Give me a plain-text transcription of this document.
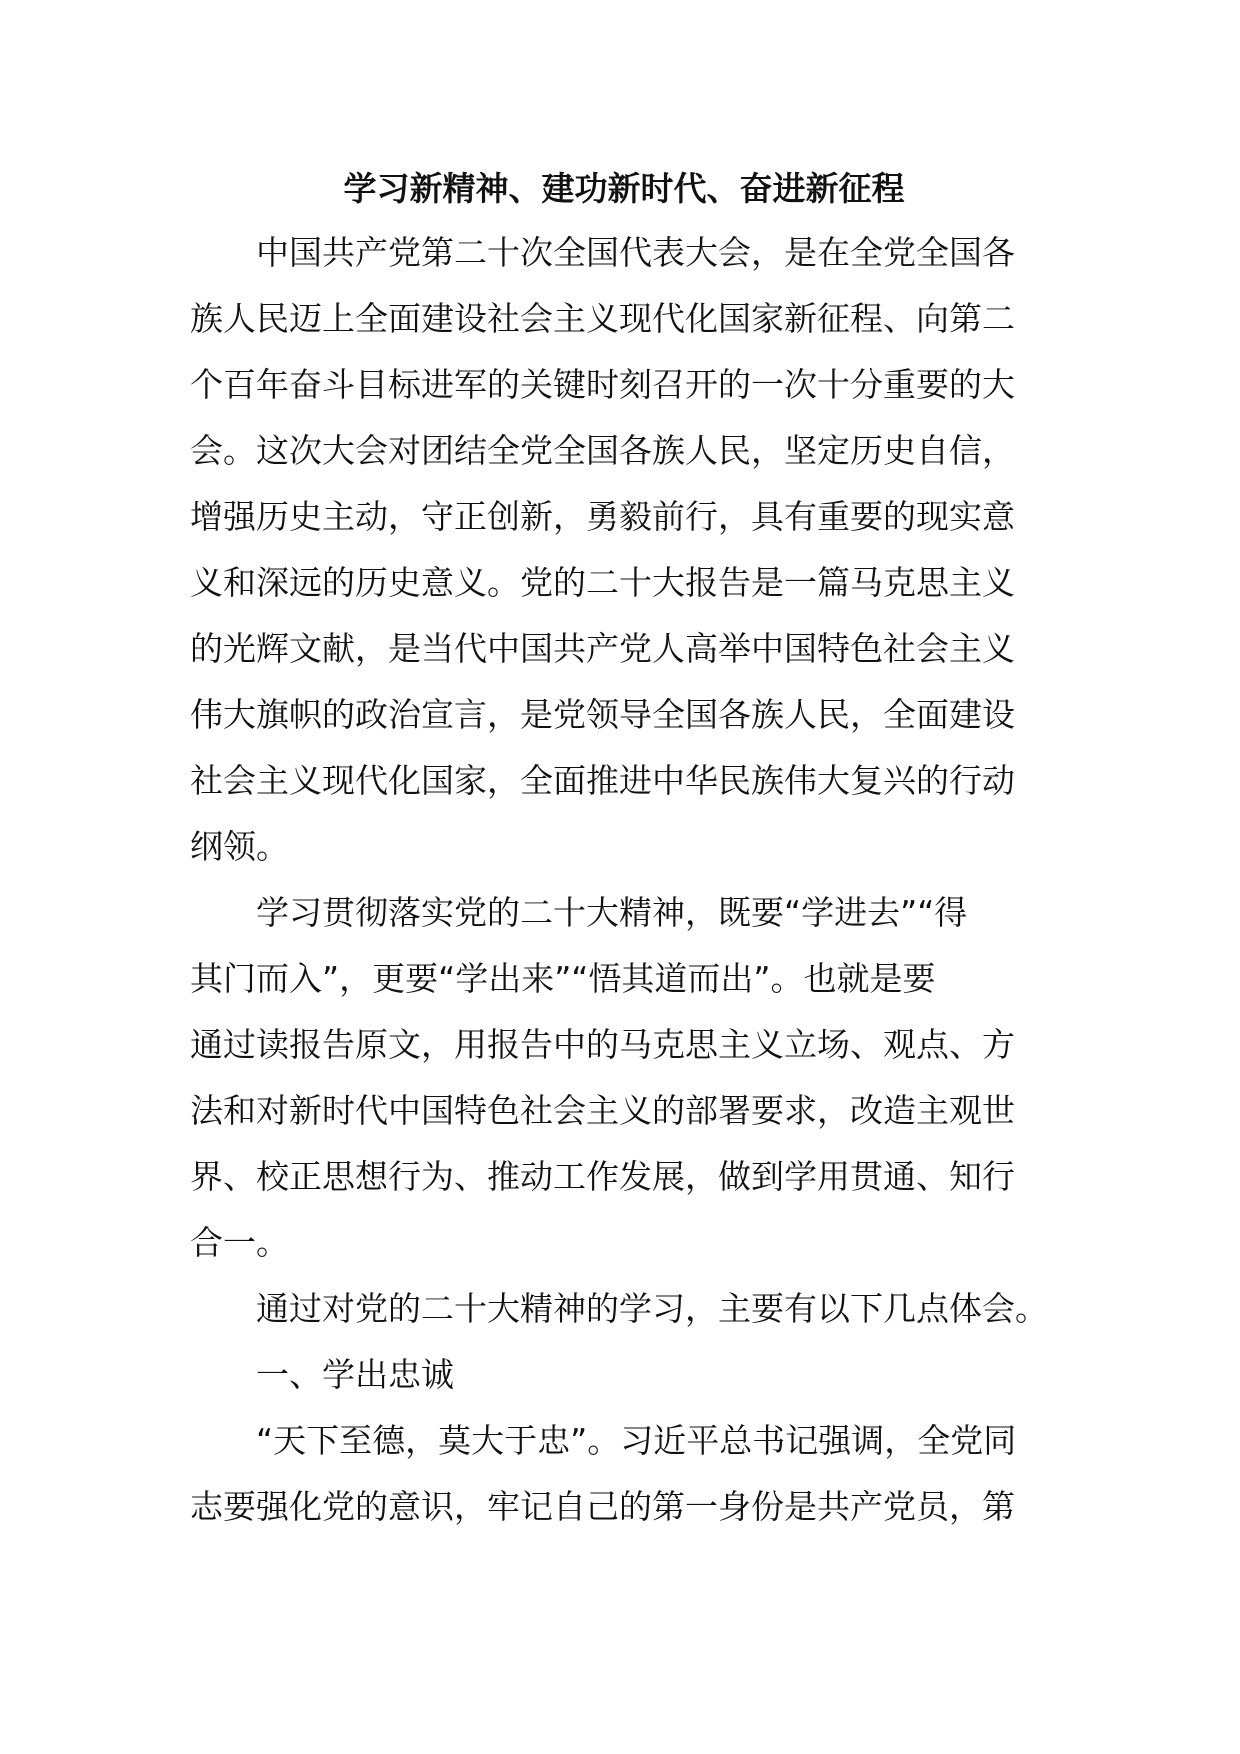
学习新精神、建功新时代、奋进新征程

中国共产党第二十次全国代表大会，是在全党全国各
族人民迈上全面建设社会主义现代化国家新征程、向第二
个百年奋斗目标进军的关键时刻召开的一次十分重要的大
会。这次大会对团结全党全国各族人民，坚定历史自信，
增强历史主动，守正创新，勇毅前行，具有重要的现实意
义和深远的历史意义。党的二十大报告是一篇马克思主义
的光辉文献，是当代中国共产党人高举中国特色社会主义
伟大旗帜的政治宣言，是党领导全国各族人民，全面建设
社会主义现代化国家，全面推进中华民族伟大复兴的行动
纲领。

学习贯彻落实党的二十大精神，既要“学进去”“得
其门而入”，更要“学出来”“悟其道而出”。也就是要
通过读报告原文，用报告中的马克思主义立场、观点、方
法和对新时代中国特色社会主义的部署要求，改造主观世
界、校正思想行为、推动工作发展，做到学用贯通、知行
合一。

通过对党的二十大精神的学习，主要有以下几点体会。

一、学出忠诚

“天下至德，莫大于忠”。习近平总书记强调，全党同
志要强化党的意识，牢记自己的第一身份是共产党员，第
